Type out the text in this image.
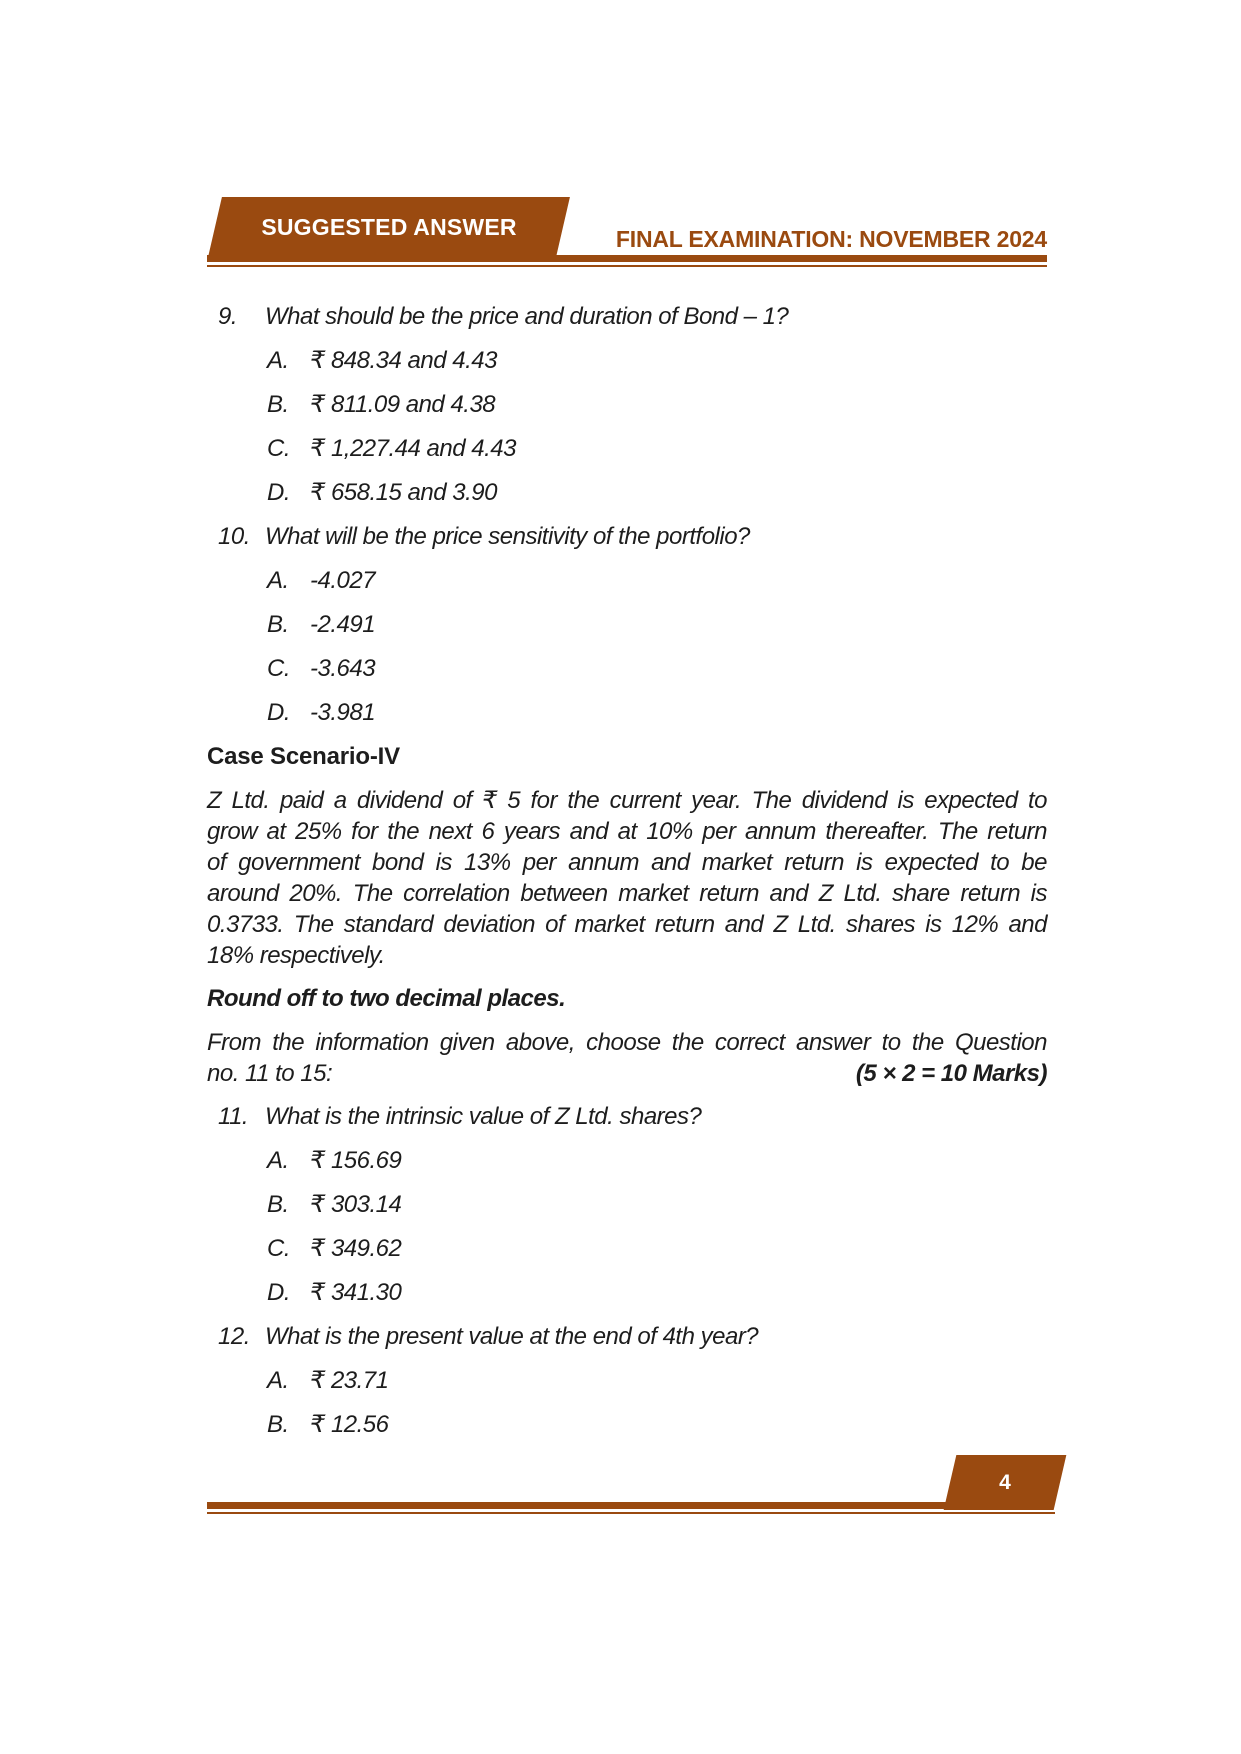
SUGGESTED ANSWER	FINAL EXAMINATION: NOVEMBER 2024
9.	What should be the price and duration of Bond – 1?
A. ₹ 848.34 and 4.43
B. ₹ 811.09 and 4.38
C. ₹ 1,227.44 and 4.43
D. ₹ 658.15 and 3.90
10. What will be the price sensitivity of the portfolio?
A. -4.027
B. -2.491
C. -3.643
D. -3.981
Case Scenario-IV
Z Ltd. paid a dividend of ₹ 5 for the current year. The dividend is expected to
grow at 25% for the next 6 years and at 10% per annum thereafter. The return
of government bond is 13% per annum and market return is expected to be
around 20%. The correlation between market return and Z Ltd. share return is
0.3733. The standard deviation of market return and Z Ltd. shares is 12% and
18% respectively.
Round off to two decimal places.
From the information given above, choose the correct answer to the Question
no. 11 to 15:	(5 × 2 = 10 Marks)
11. What is the intrinsic value of Z Ltd. shares?
A. ₹ 156.69
B. ₹ 303.14
C. ₹ 349.62
D. ₹ 341.30
12. What is the present value at the end of 4th year?
A. ₹ 23.71
B. ₹ 12.56
4
